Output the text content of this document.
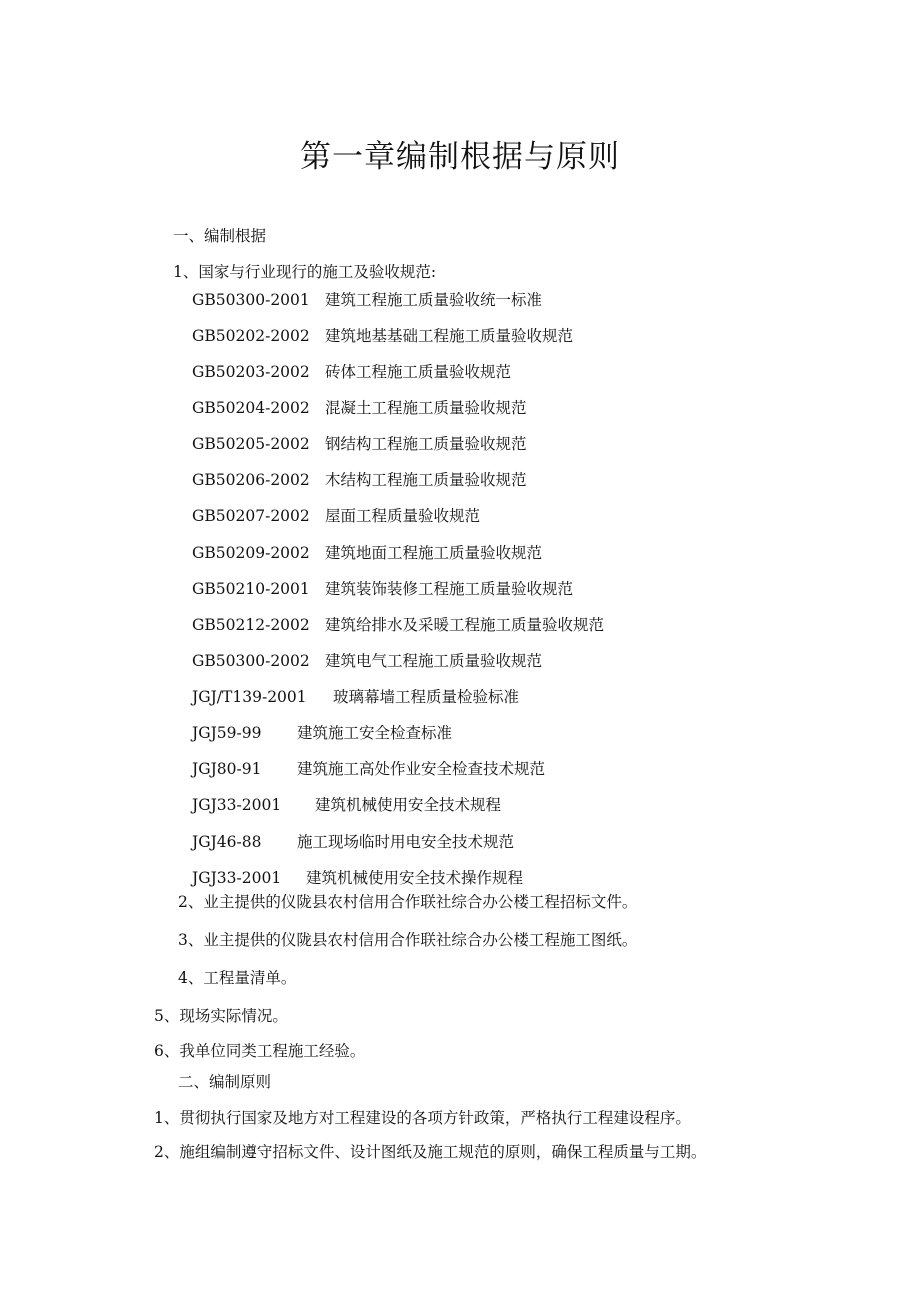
第一章编制根据与原则
一、编制根据
1、国家与行业现行的施工及验收规范:
GB50300-2001 建筑工程施工质量验收统一标准
GB50202-2002 建筑地基基础工程施工质量验收规范
GB50203-2002 砖体工程施工质量验收规范
GB50204-2002 混凝土工程施工质量验收规范
GB50205-2002 钢结构工程施工质量验收规范
GB50206-2002 木结构工程施工质量验收规范
GB50207-2002 屋面工程质量验收规范
GB50209-2002 建筑地面工程施工质量验收规范
GB50210-2001 建筑装饰装修工程施工质量验收规范
GB50212-2002 建筑给排水及采暖工程施工质量验收规范
GB50300-2002 建筑电气工程施工质量验收规范
JGJ/T139-2001 玻璃幕墙工程质量检验标准
JGJ59-99 建筑施工安全检查标准
JGJ80-91 建筑施工高处作业安全检查技术规范
JGJ33-2001 建筑机械使用安全技术规程
JGJ46-88 施工现场临时用电安全技术规范
JGJ33-2001 建筑机械使用安全技术操作规程
2、业主提供的仪陇县农村信用合作联社综合办公楼工程招标文件。
3、业主提供的仪陇县农村信用合作联社综合办公楼工程施工图纸。
4、工程量清单。
5、现场实际情况。
6、我单位同类工程施工经验。
二、编制原则
1、贯彻执行国家及地方对工程建设的各项方针政策，严格执行工程建设程序。
2、施组编制遵守招标文件、设计图纸及施工规范的原则，确保工程质量与工期。
